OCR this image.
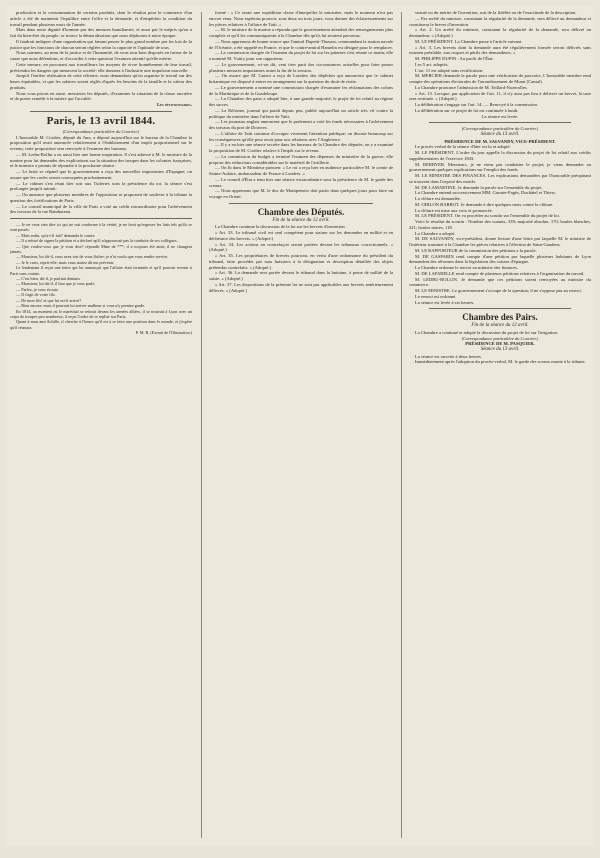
production et la consommation de certains produits, dont le résultat pour le commerce d'un article a été de maintenir l'équilibre entre l'offre et la demande, et d'empêcher la condition du travail pendant plusieurs mois de l'année.

Mais dans notre dignité d'homme par des mesures humiliantes, et aussi par le mépris qu'on a fait du bien-être du peuple, se trouve la démoralisation que nous déplorons à notre époque.

Il faudrait indiquer d'une organisation qui faisant passer le plus grand nombre par les lois de la justice que les fonctions de chacun seront réglées selon la capacité et l'aptitude de tous.

Nous sommes, au nom de la justice et de l'humanité, de vous tous bien disposés en faveur de la cause que nous défendons, et d'accorder à cette question l'examen attentif qu'elle mérite.

Cette mesure, en procurant aux travailleurs les moyens de vivre honnêtement de leur travail, préviendra les dangers qui menacent la société; elle donnera à l'industrie une impulsion nouvelle.

Jusqu'à l'entière réalisation de cette réforme, nous demandons qu'on organise le travail sur des bases équitables, et que les salaires soient réglés d'après les besoins de la famille et la valeur des produits.

Nous vous prions en outre, messieurs les députés, d'examiner la situation de la classe ouvrière et de porter remède à la misère qui l'accable.

Les pétitionnaires.

Paris, le 13 avril 1844.
(Correspondance particulière du Courrier.)

L'honorable M. Cordier, député du Jura, a déposé aujourd'hui sur le bureau de la Chambre la proposition qu'il avait annoncée relativement à l'établissement d'un impôt proportionnel sur le revenu; cette proposition sera renvoyée à l'examen des bureaux.

— M. Ledru-Rollin a eu aussi hier une bonne inspiration. Il s'est adressé à M. le ministre de la marine pour lui demander des explications sur la situation des troupes dans les colonies françaises, et le ministre a promis de répondre à la prochaine séance.

— Le bruit se répand que le gouvernement a reçu des nouvelles importantes d'Espagne; on assure que les cortès seront convoquées prochainement.

— Le cabinet s'est réuni hier soir aux Tuileries sous la présidence du roi; la séance s'est prolongée jusqu'à minuit.

— On annonce que plusieurs membres de l'opposition se proposent de soulever à la tribune la question des fortifications de Paris.

— Le conseil municipal de la ville de Paris a voté un crédit extraordinaire pour l'achèvement des travaux de la rue Rambuteau.

— Je ne veux rien dire ici qui ne soit conforme à la vérité; je ne ferai qu'exposer les faits tels qu'ils se sont passés.

— Mais enfin, qu'a-t-il fait? demanda le comte.

— Il a refusé de signer la pétition et a déclaré qu'il n'approuvait pas la conduite de ses collègues.

— Que voulez-vous que je vous dise? répondit Mme de ***; il a toujours été ainsi; il ne changera jamais.

— Monsieur, lui dit-il, vous avez tort de vous fâcher; je n'ai voulu que vous rendre service.

— Je le crois, reprit-elle; mais vous auriez dû me prévenir.

Le lendemain il reçut une lettre qui lui annonçait que l'affaire était terminée et qu'il pouvait revenir à Paris sans crainte.

— C'est bien, dit-il, je partirai demain.

— Monsieur, lui dit-il, il faut que je vous parle.

— Parlez, je vous écoute.

— Il s'agit de votre fils.

— De mon fils! et que lui est-il arrivé?

— Rien encore; mais il pourrait lui arriver malheur si vous n'y preniez garde.

En 1814, au moment où le maréchal se retirait devant les armées alliées, il se trouvait à Lyon avec un corps de troupes peu nombreux; il reçut l'ordre de se replier sur Paris.

Quant à mon ami Achille, il cherche à l'heure qu'il est à se faire une position dans le monde, et j'espère qu'il réussira.

P. M. B. (Extrait de l'Illustration.)

formé : « Ce serait une expédition chose d'interpeller le ministère, mais le moment n'est pas encore venu. Nous espérons pouvoir, sous deux ou trois jours, vous donner des éclaircissements sur les pièces relatives à l'affaire de Taïti. »

— M. le ministre de la marine a répondu que le gouvernement attendait des renseignements plus complets et qu'il les communiquerait à la Chambre dès qu'ils lui seraient parvenus.

— Nous apprenons de bonne source que l'amiral Dupetit-Thouars, commandant la station navale de l'Océanie, a été rappelé en France, et que le contre-amiral Hamelin est désigné pour le remplacer.

— La commission chargée de l'examen du projet de loi sur les patentes s'est réunie ce matin; elle a nommé M. Vuitry pour son rapporteur.

— Le gouvernement, a-t-on dit, veut tirer parti des circonstances actuelles pour faire passer plusieurs mesures importantes avant la fin de la session.

— On assure que M. Guizot a reçu de Londres des dépêches qui annoncent que le cabinet britannique est disposé à entrer en arrangement sur la question du droit de visite.

— Le gouvernement a nommé une commission chargée d'examiner les réclamations des colons de la Martinique et de la Guadeloupe.

— La Chambre des pairs a adopté hier, à une grande majorité, le projet de loi relatif au régime des sucres.

— La Réforme, journal qui paraît depuis peu, publie aujourd'hui un article très vif contre la politique du ministère dans l'affaire de Taïti.

— Les journaux anglais annoncent que le parlement a voté les fonds nécessaires à l'achèvement des travaux du port de Douvres.

— L'affaire de Taïti continue d'occuper vivement l'attention publique; on discute beaucoup sur les conséquences qu'elle peut avoir pour nos relations avec l'Angleterre.

— Il y a eu hier une séance secrète dans les bureaux de la Chambre des députés; on y a examiné la proposition de M. Cordier relative à l'impôt sur le revenu.

— La commission du budget a terminé l'examen des dépenses du ministère de la guerre; elle propose des réductions considérables sur le matériel de l'artillerie.

— On lit dans le Moniteur parisien: « Le roi a reçu hier en audience particulière M. le comte de Sainte-Aulaire, ambassadeur de France à Londres. »

— Le conseil d'État a tenu hier une séance extraordinaire sous la présidence de M. le garde des sceaux.

— Nous apprenons que M. le duc de Montpensier doit partir dans quelques jours pour faire un voyage en Orient.

Chambre des Députés.
Fin de la séance du 12 avril.

La Chambre continue la discussion de la loi sur les brevets d'invention.

« Art. 33. Le tribunal civil est seul compétent pour statuer sur les demandes en nullité et en déchéance des brevets. » (Adopté.)

« Art. 34. Les actions en contrefaçon seront portées devant les tribunaux correctionnels. » (Adopté.)

« Art. 35. Les propriétaires de brevets pourront, en vertu d'une ordonnance du président du tribunal, faire procéder par tous huissiers à la désignation et description détaillée des objets prétendus contrefaits. » (Adopté.)

« Art. 36. La demande sera portée devant le tribunal dans la huitaine, à peine de nullité de la saisie. » (Adopté.)

« Art. 37. Les dispositions de la présente loi ne sont pas applicables aux brevets antérieurement délivrés. » (Adopté.)

veauté ou du mérite de l'invention, soit de la fidélité ou de l'exactitude de la description.

— Par arrêté du ministre, constatant la régularité de la demande, sera délivré au demandeur et constituera le brevet d'invention.

« Art. 2. Un arrêté du ministre, constatant la régularité de la demande, sera délivré au demandeur. » (Adopté.)

M. LE PRÉSIDENT. La Chambre passe à l'article suivant.

« Art. 3. Les brevets dont la demande aura été régulièrement formée seront délivrés sans examen préalable, aux risques et périls des demandeurs. »

M. PHILIPPE DUPIN : Au profit de l'État.

Les 5 art. adoptés.

L'art. 11 est adopté sans rectification.

M. MERCIER demande la parole pour une vérification de pouvoirs. L'honorable membre rend compte des opérations électorales de l'arrondissement de Murat (Cantal).

La Chambre prononce l'admission de M. Teillard-Nozerolles.

« Art. 13. Lorsque, par application de l'art. 11, il n'y aura pas lieu à délivrer un brevet, la taxe sera restituée. » (Adopté.)

La délibération s'engage sur l'art. 14. — Renvoyé à la commission.

La délibération sur ce projet de loi est continuée à lundi.

La séance est levée.

(Correspondance particulière du Courrier.)
Séance du 13 avril.
PRÉSIDENCE DE M. SALVANDY, VICE-PRÉSIDENT.

Le procès-verbal de la séance d'hier est lu et adopté.

M. LE PRÉSIDENT. L'ordre du jour appelle la discussion du projet de loi relatif aux crédits supplémentaires de l'exercice 1843.

M. BERRYER. Messieurs, je ne viens pas combattre le projet; je viens demander au gouvernement quelques explications sur l'emploi des fonds.

M. LE MINISTRE DES FINANCES. Les explications demandées par l'honorable préopinant se trouvent dans l'exposé des motifs.

M. DE LAMARTINE. Je demande la parole sur l'ensemble du projet.

La Chambre entend successivement MM. Garnier-Pagès, Duchâtel et Thiers.

La clôture est demandée.

M. ODILON BARROT. Je demande à dire quelques mots contre la clôture.

La clôture est mise aux voix et prononcée.

M. LE PRÉSIDENT. On va procéder au scrutin sur l'ensemble du projet de loi.

Voici le résultat du scrutin : Nombre des votants, 339; majorité absolue, 170; boules blanches, 221; boules noires, 118.

La Chambre a adopté.

M. DE SALVANDY, vice-président, donne lecture d'une lettre par laquelle M. le ministre de l'intérieur transmet à la Chambre les pièces relatives à l'élection de Saint-Gaudens.

M. LE RAPPORTEUR de la commission des pétitions a la parole.

M. DE GASPARIN rend compte d'une pétition par laquelle plusieurs habitants de Lyon demandent des réformes dans la législation des caisses d'épargne.

La Chambre ordonne le renvoi au ministre des finances.

M. DE LAFARELLE rend compte de plusieurs pétitions relatives à l'organisation du travail.

M. LEDRU-ROLLIN. Je demande que ces pétitions soient renvoyées au ministre du commerce.

M. LE MINISTRE. Le gouvernement s'occupe de la question; il ne s'oppose pas au renvoi.

Le renvoi est ordonné.

La séance est levée à six heures.

Chambre des Pairs.
Fin de la séance du 12 avril.

La Chambre a continué et adopté la discussion du projet de loi sur l'irrigation.

(Correspondance particulière du Courrier.)
PRÉSIDENCE DE M. PASQUIER.
Séance du 13 avril.

La séance est ouverte à deux heures.

Immédiatement après l'adoption du procès-verbal, M. le garde des sceaux monte à la tribune.
